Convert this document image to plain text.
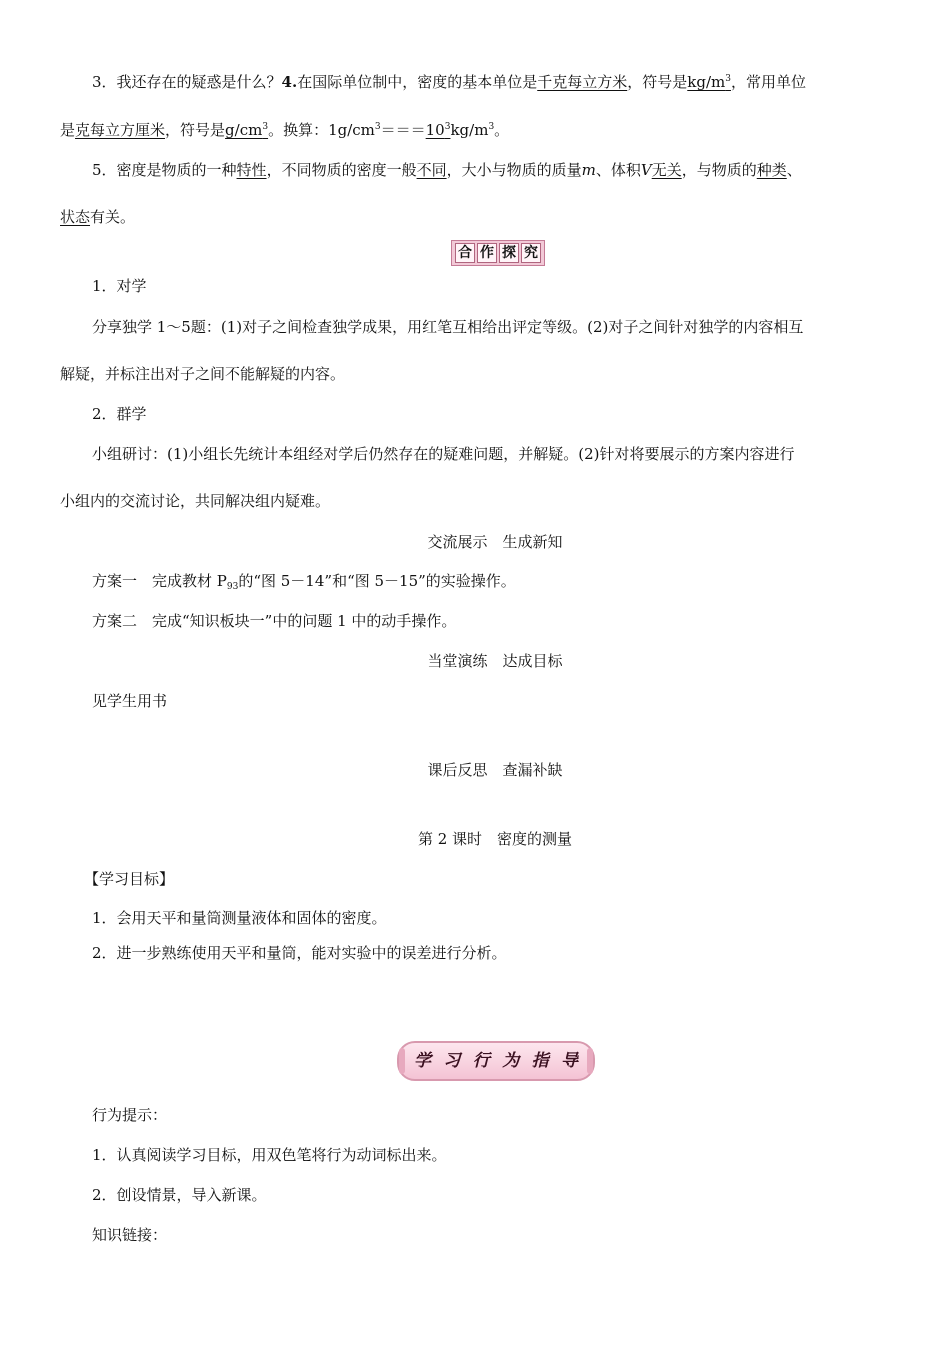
3．我还存在的疑惑是什么？4.在国际单位制中，密度的基本单位是千克每立方米，符号是$kg/m^3$，常用单位
是克每立方厘米，符号是$g/cm^3$。换算：$1g/cm^3===10^3kg/m^3$。
5．密度是物质的一种特性，不同物质的密度一般不同，大小与物质的质量m、体积V无关，与物质的种类、
状态有关。
合 作 探 究
1．对学
分享独学 1～5题：(1)对子之间检查独学成果，用红笔互相给出评定等级。(2)对子之间针对独学的内容相互
解疑，并标注出对子之间不能解疑的内容。
2．群学
小组研讨：(1)小组长先统计本组经对学后仍然存在的疑难问题，并解疑。(2)针对将要展示的方案内容进行
小组内的交流讨论，共同解决组内疑难。
交流展示　生成新知
方案一　完成教材 $P_{93}$的“图 5－14”和“图 5－15”的实验操作。
方案二　完成“知识板块一”中的问题 1 中的动手操作。
当堂演练　达成目标
见学生用书
课后反思　查漏补缺
第 2 课时　密度的测量
【学习目标】
1．会用天平和量筒测量液体和固体的密度。
2．进一步熟练使用天平和量筒，能对实验中的误差进行分析。
学 习 行 为 指 导
行为提示：
1．认真阅读学习目标，用双色笔将行为动词标出来。
2．创设情景，导入新课。
知识链接：
